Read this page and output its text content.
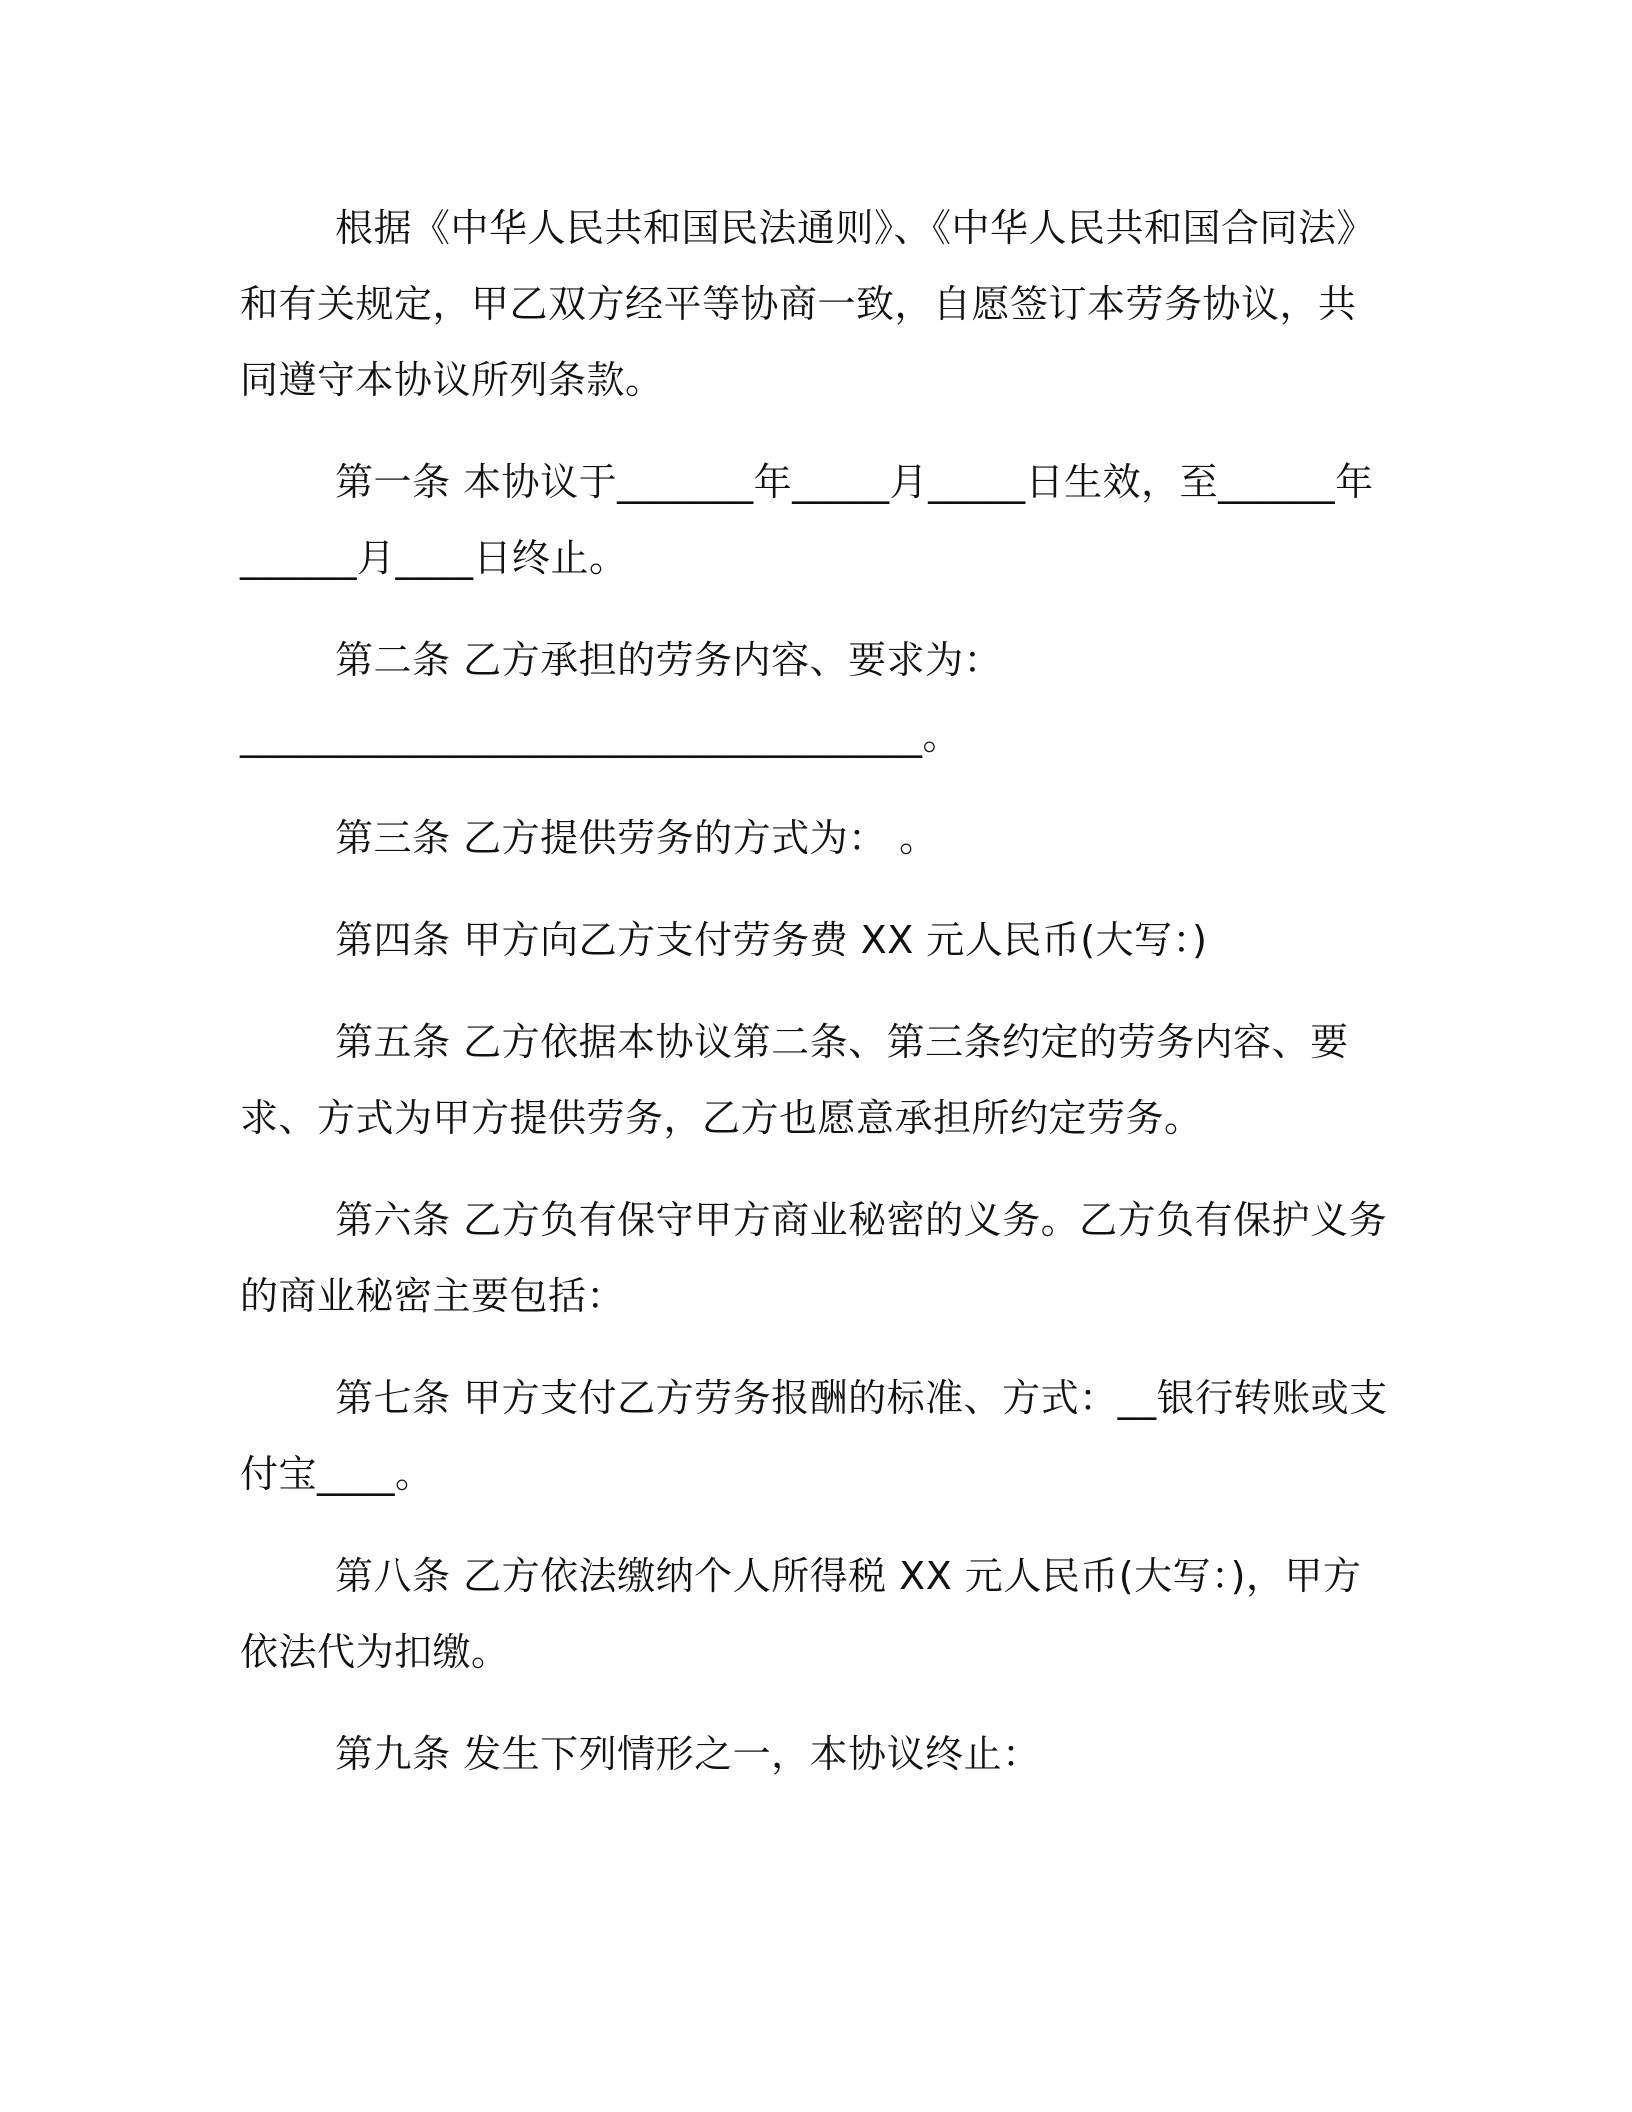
根据《中华人民共和国民法通则》、《中华人民共和国合同法》和有关规定，甲乙双方经平等协商一致，自愿签订本劳务协议，共同遵守本协议所列条款。

第一条 本协议于_______年_____月_____日生效，至______年______月____日终止。

第二条 乙方承担的劳务内容、要求为：___________________________________。

第三条 乙方提供劳务的方式为： 。

第四条 甲方向乙方支付劳务费 XX 元人民币(大写：)

第五条 乙方依据本协议第二条、第三条约定的劳务内容、要求、方式为甲方提供劳务，乙方也愿意承担所约定劳务。

第六条 乙方负有保守甲方商业秘密的义务。乙方负有保护义务的商业秘密主要包括：

第七条 甲方支付乙方劳务报酬的标准、方式：__银行转账或支付宝____。

第八条 乙方依法缴纳个人所得税 XX 元人民币(大写：)，甲方依法代为扣缴。

第九条 发生下列情形之一，本协议终止：
